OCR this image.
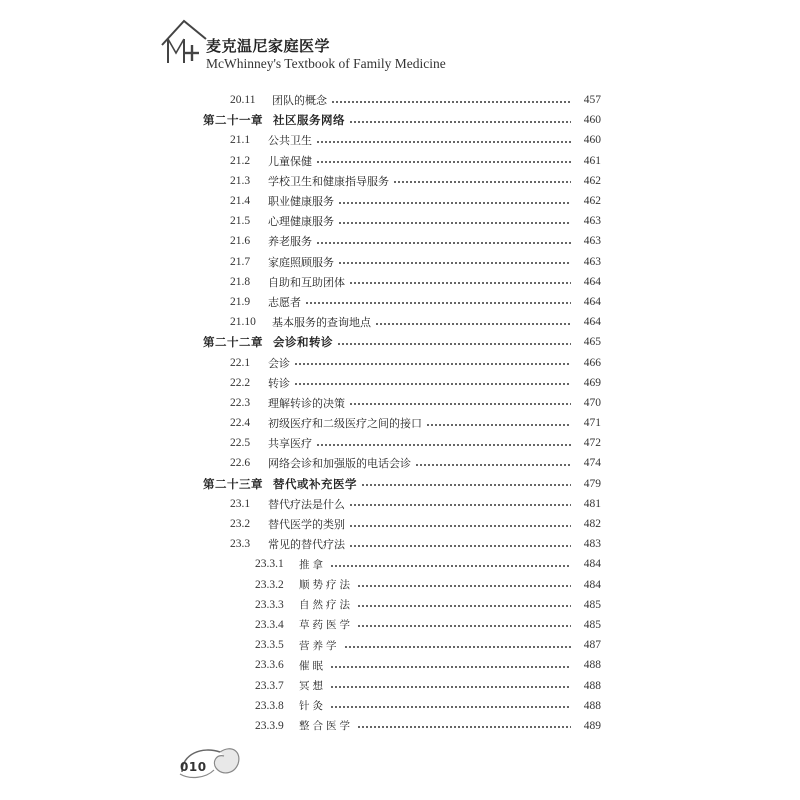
麦克温尼家庭医学
McWhinney's Textbook of Family Medicine
20.11	团队的概念	457
第二十一章 社区服务网络	460
21.1	公共卫生	460
21.2	儿童保健	461
21.3	学校卫生和健康指导服务	462
21.4	职业健康服务	462
21.5	心理健康服务	463
21.6	养老服务	463
21.7	家庭照顾服务	463
21.8	自助和互助团体	464
21.9	志愿者	464
21.10	基本服务的查询地点	464
第二十二章 会诊和转诊	465
22.1	会诊	466
22.2	转诊	469
22.3	理解转诊的决策	470
22.4	初级医疗和二级医疗之间的接口	471
22.5	共享医疗	472
22.6	网络会诊和加强版的电话会诊	474
第二十三章 替代或补充医学	479
23.1	替代疗法是什么	481
23.2	替代医学的类别	482
23.3	常见的替代疗法	483
23.3.1	推拿	484
23.3.2	顺势疗法	484
23.3.3	自然疗法	485
23.3.4	草药医学	485
23.3.5	营养学	487
23.3.6	催眠	488
23.3.7	冥想	488
23.3.8	针灸	488
23.3.9	整合医学	489
010
